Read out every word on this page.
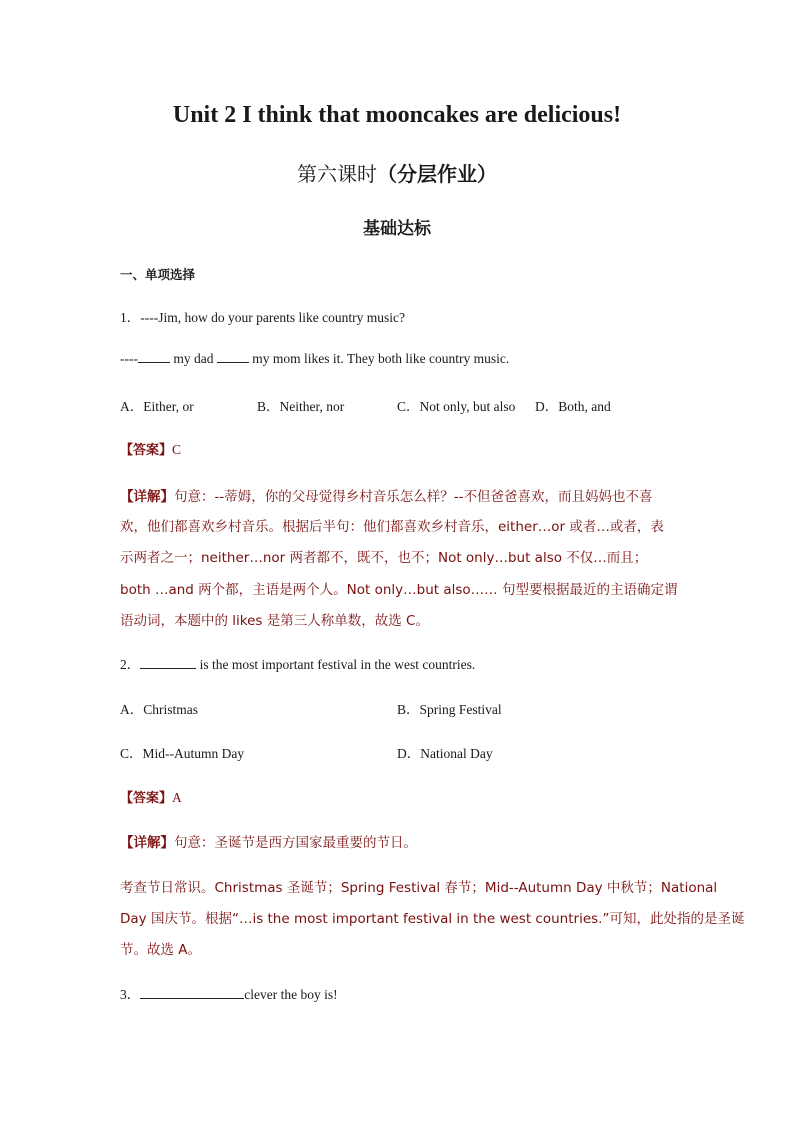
Unit 2 I think that mooncakes are delicious!
第六课时（分层作业）
基础达标
一、单项选择
1．----Jim, how do your parents like country music?
---- my dad  my mom likes it. They both like country music.
A．Either, or	B．Neither, nor	C．Not only, but also D．Both, and
【答案】C
【详解】句意：--蒂姆，你的父母觉得乡村音乐怎么样？--不但爸爸喜欢，而且妈妈也不喜
欢，他们都喜欢乡村音乐。根据后半句：他们都喜欢乡村音乐，either…or 或者…或者，表
示两者之一；neither…nor 两者都不，既不，也不；Not only…but also 不仅…而且；
both …and 两个都，主语是两个人。Not only…but also…… 句型要根据最近的主语确定谓
语动词，本题中的 likes 是第三人称单数，故选 C。
2．	is the most important festival in the west countries.
A．Christmas	B．Spring Festival
C．Mid--Autumn Day	D．National Day
【答案】A
【详解】句意：圣诞节是西方国家最重要的节日。
考查节日常识。Christmas 圣诞节；Spring Festival 春节；Mid--Autumn Day 中秋节；National
Day 国庆节。根据“…is the most important festival in the west countries.”可知，此处指的是圣诞
节。故选 A。
3．	clever the boy is!
